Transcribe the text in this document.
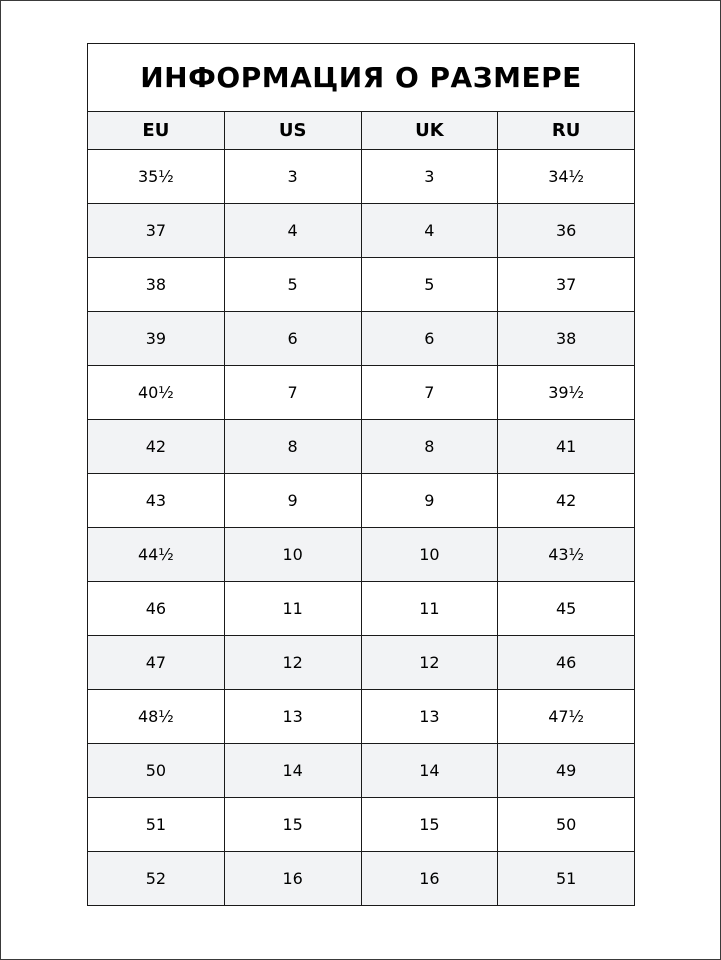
ИНФОРМАЦИЯ О РАЗМЕРЕ			
EU	US	UK	RU
35½	3	3	34½
37	4	4	36
38	5	5	37
39	6	6	38
40½	7	7	39½
42	8	8	41
43	9	9	42
44½	10	10	43½
46	11	11	45
47	12	12	46
48½	13	13	47½
50	14	14	49
51	15	15	50
52	16	16	51
